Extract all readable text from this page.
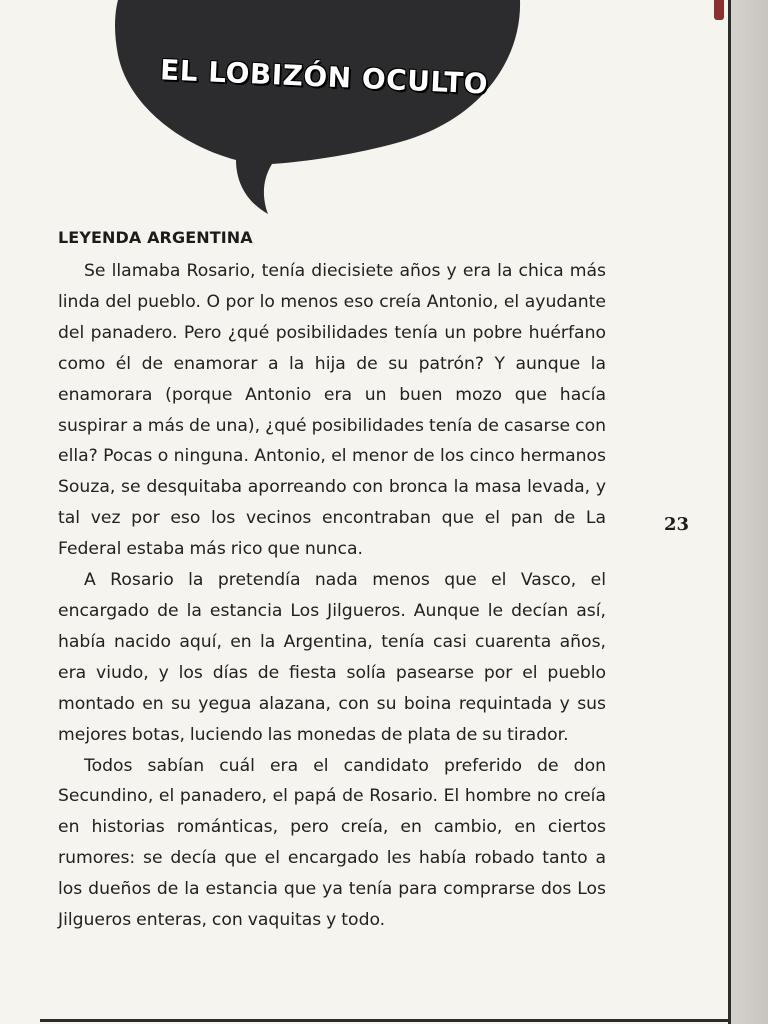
EL LOBIZÓN OCULTO
LEYENDA ARGENTINA

Se llamaba Rosario, tenía diecisiete años y era la chica más linda del pueblo. O por lo menos eso creía Antonio, el ayudante del panadero. Pero ¿qué posibilidades tenía un pobre huérfano como él de enamorar a la hija de su patrón? Y aunque la enamorara (porque Antonio era un buen mozo que hacía suspirar a más de una), ¿qué posibilidades tenía de casarse con ella? Pocas o ninguna. Antonio, el menor de los cinco hermanos Souza, se desquitaba aporreando con bronca la masa levada, y tal vez por eso los vecinos encontraban que el pan de La Federal estaba más rico que nunca.

A Rosario la pretendía nada menos que el Vasco, el encargado de la estancia Los Jilgueros. Aunque le decían así, había nacido aquí, en la Argentina, tenía casi cuarenta años, era viudo, y los días de fiesta solía pasearse por el pueblo montado en su yegua alazana, con su boina requintada y sus mejores botas, luciendo las monedas de plata de su tirador.

Todos sabían cuál era el candidato preferido de don Secundino, el panadero, el papá de Rosario. El hombre no creía en historias románticas, pero creía, en cambio, en ciertos rumores: se decía que el encargado les había robado tanto a los dueños de la estancia que ya tenía para comprarse dos Los Jilgueros enteras, con vaquitas y todo.

23
